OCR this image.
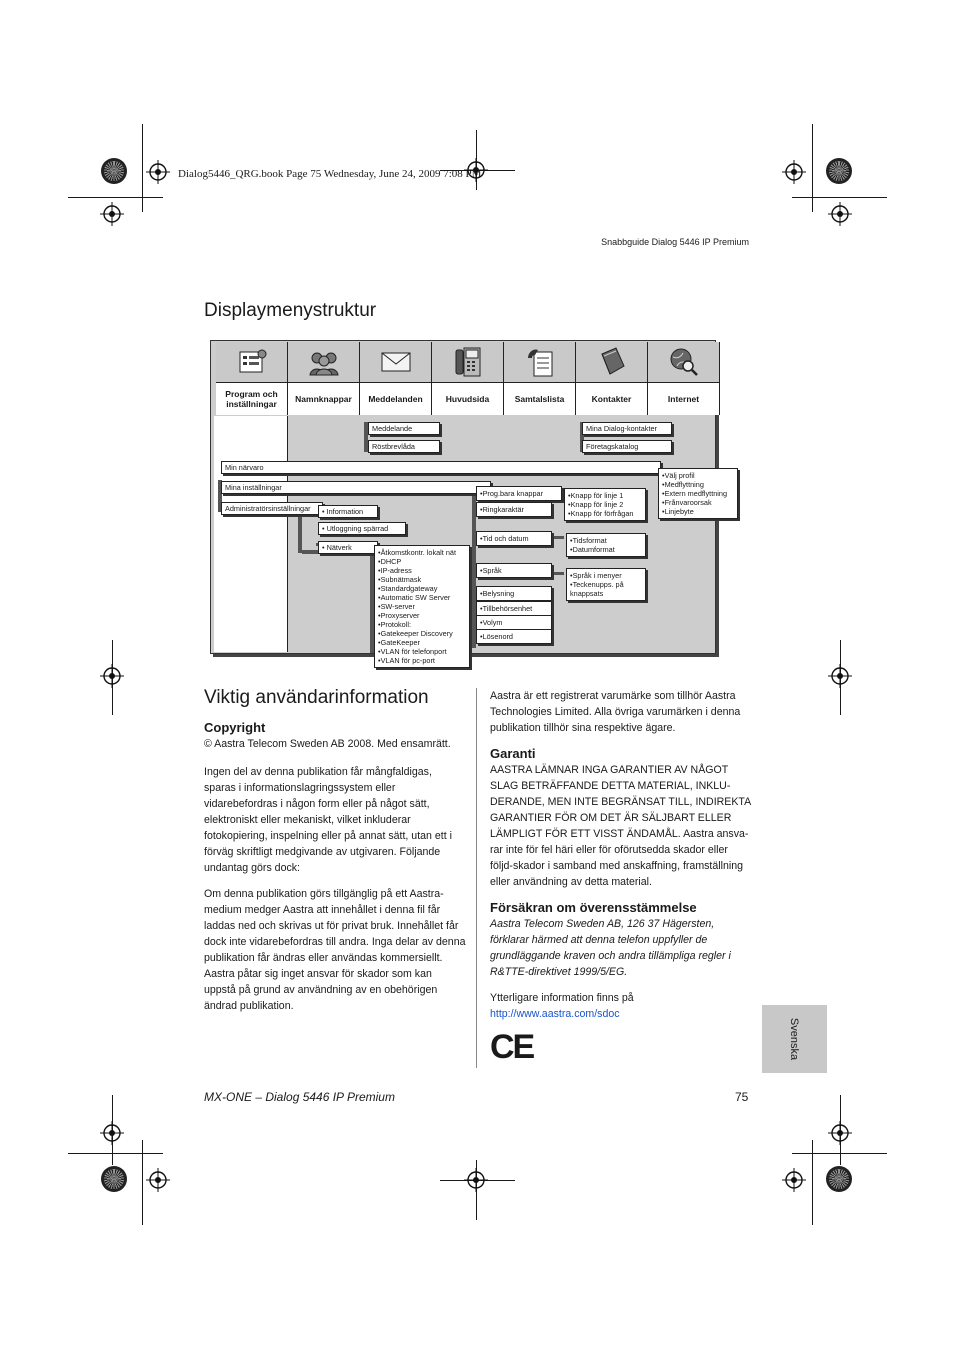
Dialog5446_QRG.book Page 75 Wednesday, June 24, 2009 7:08 PM
Snabbguide Dialog 5446 IP Premium
Displaymenystruktur
Program och inställningar	Namnknappar	Meddelanden	Huvudsida	Samtalslista	Kontakter	Internet
Meddelande
Röstbrevlåda
Mina Dialog-kontakter
Företagskatalog
Min närvaro
Mina inställningar
Administratörsinställningar
• Välj profil
• Medflyttning
• Extern medflyttning
• Frånvaroorsak
• Linjebyte
• Information
• Utloggning spärrad
• Nätverk
• Åtkomstkontr. lokalt nät
• DHCP
• IP-adress
• Subnätmask
• Standardgateway
• Automatic SW Server
• SW-server
• Proxyserver
• Protokoll:
• Gatekeeper Discovery
• GateKeeper
• VLAN för telefonport
• VLAN för pc-port
• Prog.bara knappar
• Ringkaraktär
• Tid och datum
• Språk
• Belysning
• Tillbehörsenhet
• Volym
• Lösenord
• Knapp för linje 1
• Knapp för linje 2
• Knapp för förfrågan
• Tidsformat
• Datumformat
• Språk i menyer
• Teckenupps. på knappsats
Viktig användarinformation
Copyright

© Aastra Telecom Sweden AB 2008. Med ensamrätt.

Ingen del av denna publikation får mångfaldigas, sparas i informationslagringssystem eller vidarebefordras i någon form eller på något sätt, elektroniskt eller mekaniskt, vilket inkluderar fotokopiering, inspelning eller på annat sätt, utan ett i förväg skriftligt medgivande av utgivaren. Följande undantag görs dock:

Om denna publikation görs tillgänglig på ett Aastra-medium medger Aastra att innehållet i denna fil får laddas ned och skrivas ut för privat bruk. Innehållet får dock inte vidarebefordras till andra. Inga delar av denna publikation får ändras eller användas kommersiellt. Aastra påtar sig inget ansvar för skador som kan uppstå på grund av användning av en obehörigen ändrad publikation.

Aastra är ett registrerat varumärke som tillhör Aastra Technologies Limited. Alla övriga varumärken i denna publikation tillhör sina respektive ägare.

Garanti

AASTRA LÄMNAR INGA GARANTIER AV NÅGOT SLAG BETRÄFFANDE DETTA MATERIAL, INKLU-DERANDE, MEN INTE BEGRÄNSAT TILL, INDIREKTA GARANTIER FÖR OM DET ÄR SÄLJBART ELLER LÄMPLIGT FÖR ETT VISST ÄNDAMÅL. Aastra ansva-rar inte för fel häri eller för oförutsedda skador eller följd-skador i samband med anskaffning, framställning eller användning av detta material.

Försäkran om överensstämmelse

Aastra Telecom Sweden AB, 126 37 Hägersten, förklarar härmed att denna telefon uppfyller de grundläggande kraven och andra tillämpliga regler i R&TTE-direktivet 1999/5/EG.

Ytterligare information finns på
http://www.aastra.com/sdoc

CE	Svenska
MX-ONE – Dialog 5446 IP Premium	75
